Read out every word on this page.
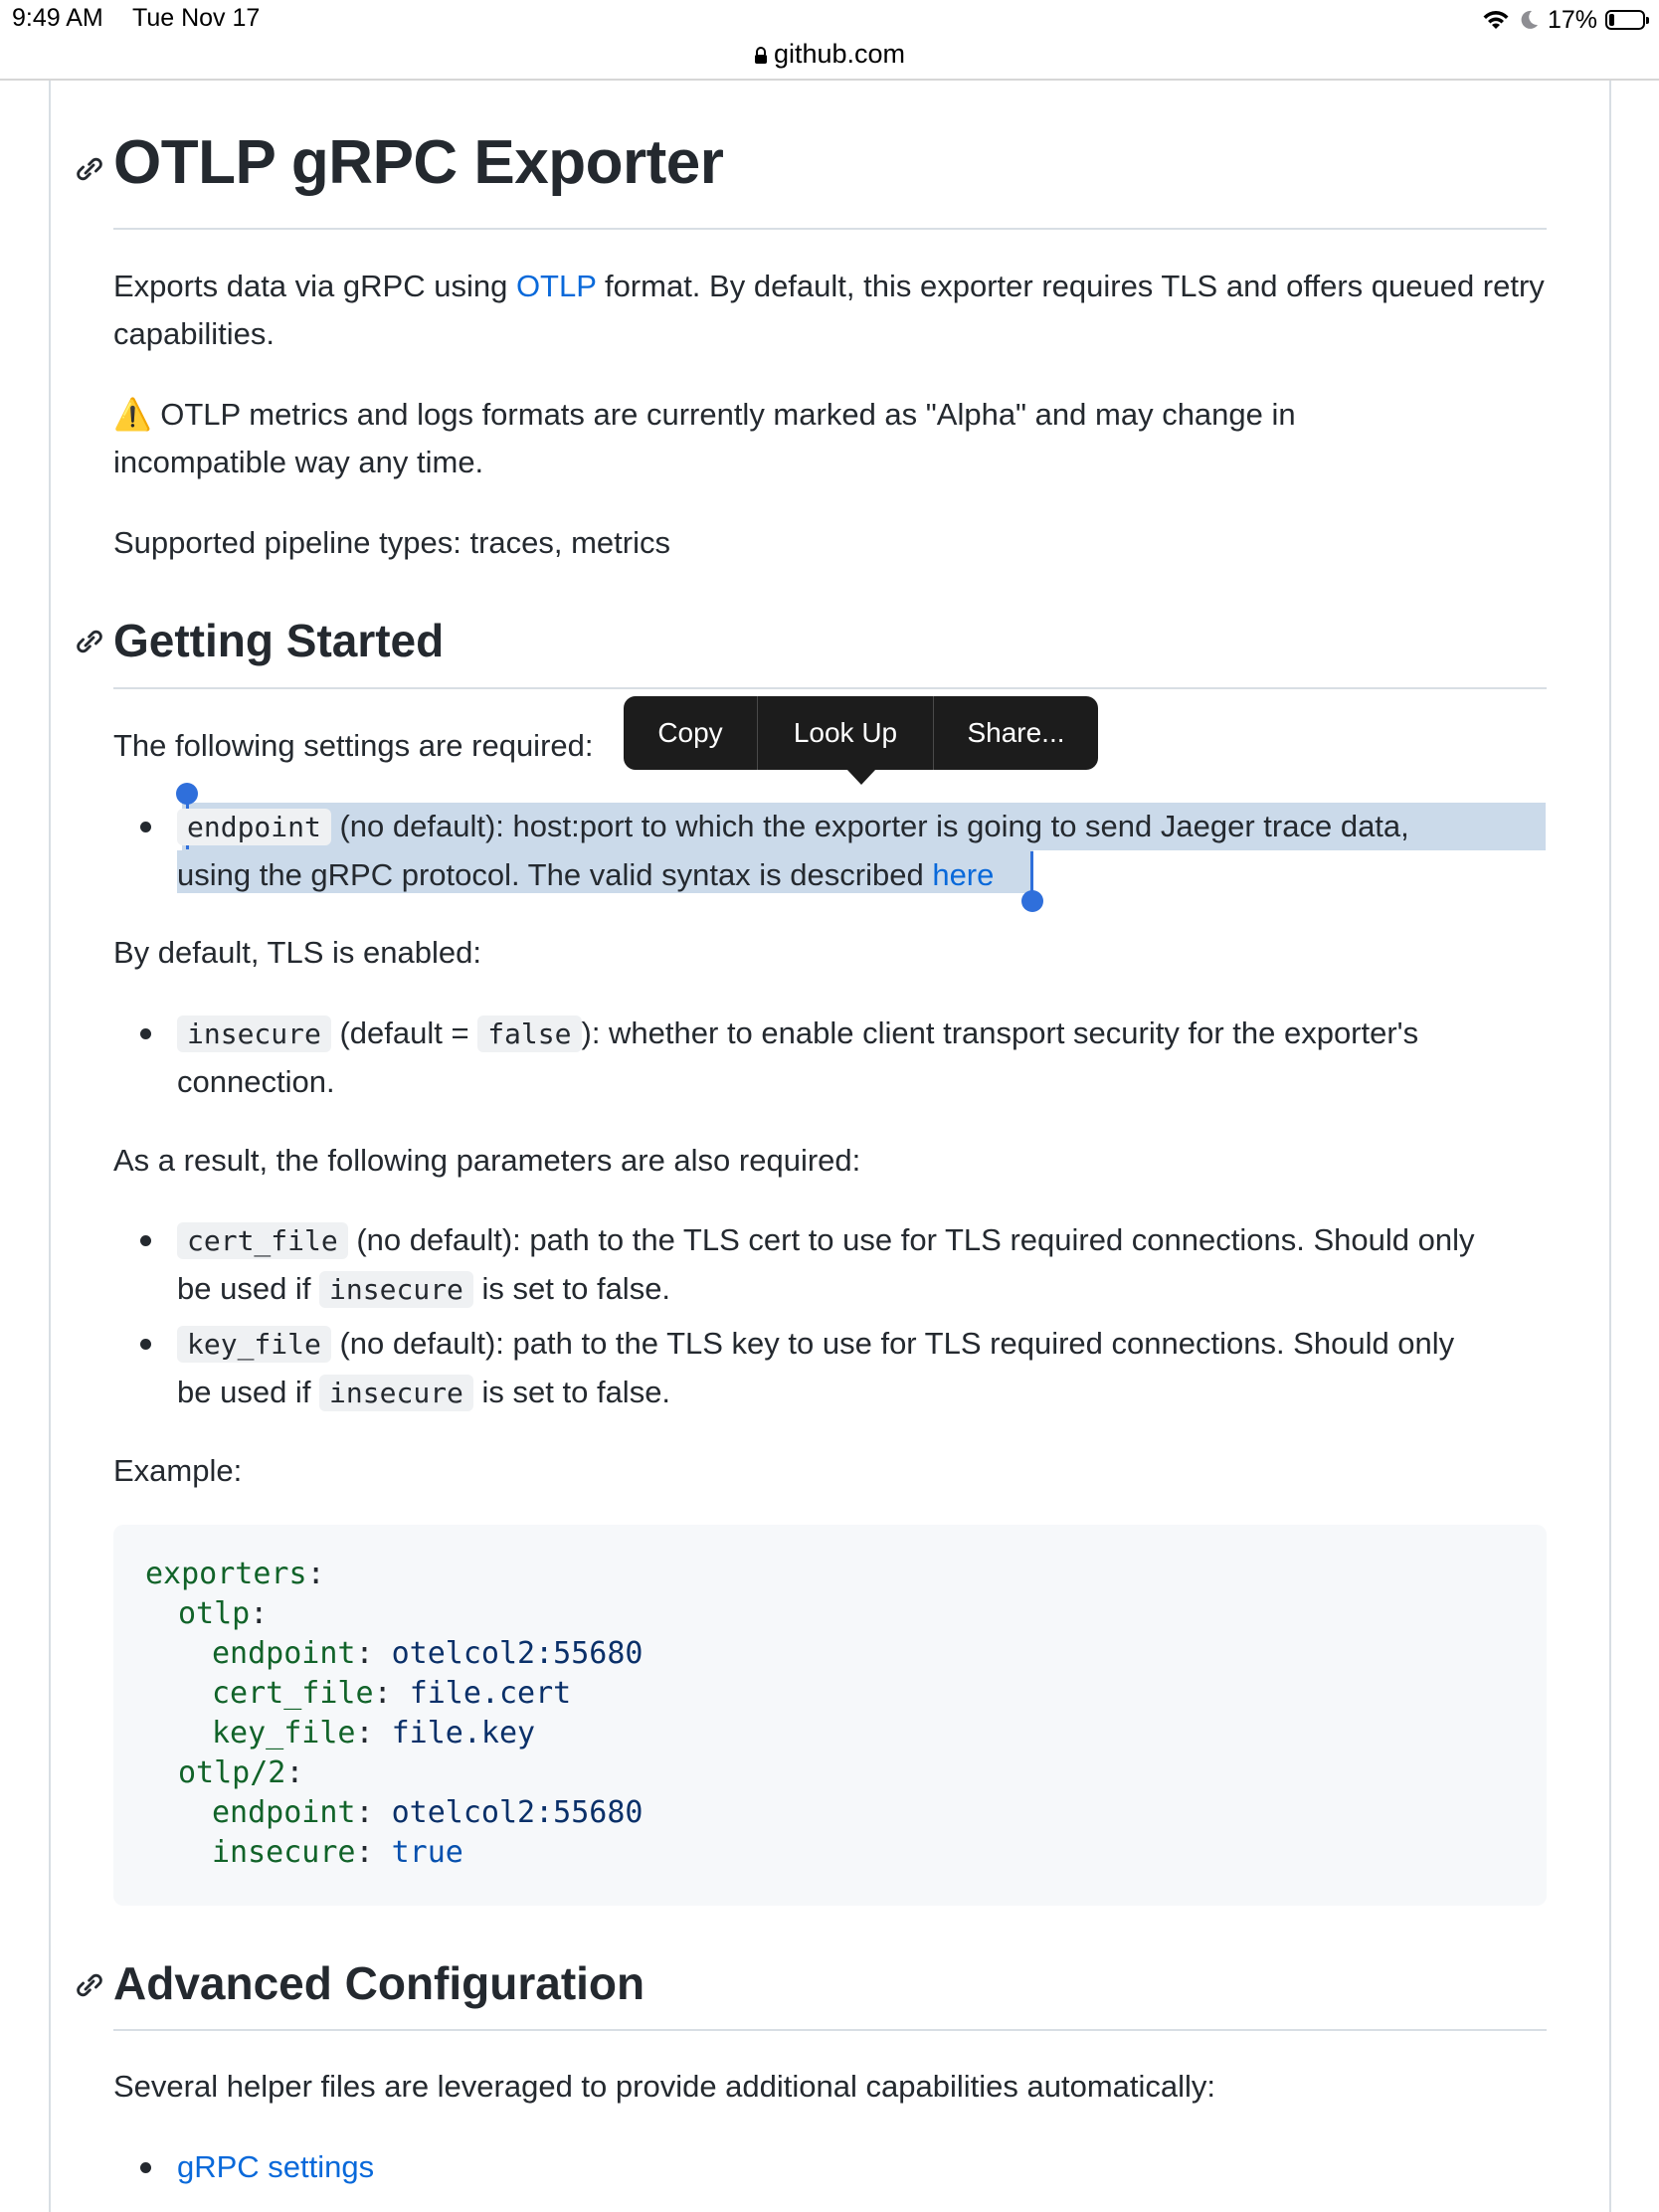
9:49 AM Tue Nov 17	17%
github.com
OTLP gRPC Exporter
Exports data via gRPC using OTLP format. By default, this exporter requires TLS and offers queued retry capabilities.
⚠️ OTLP metrics and logs formats are currently marked as "Alpha" and may change in
incompatible way any time.
Supported pipeline types: traces, metrics
Getting Started
The following settings are required:
endpoint (no default): host:port to which the exporter is going to send Jaeger trace data,
using the gRPC protocol. The valid syntax is described here
Copy	Look Up	Share...
By default, TLS is enabled:
insecure (default = false ): whether to enable client transport security for the exporter's
connection.
As a result, the following parameters are also required:
cert_file (no default): path to the TLS cert to use for TLS required connections. Should only
be used if insecure is set to false.
key_file (no default): path to the TLS key to use for TLS required connections. Should only
be used if insecure is set to false.
Example:
exporters:
otlp:
endpoint: otelcol2:55680
cert_file: file.cert
key_file: file.key
otlp/2:
endpoint: otelcol2:55680
insecure: true
Advanced Configuration
Several helper files are leveraged to provide additional capabilities automatically:
gRPC settings
